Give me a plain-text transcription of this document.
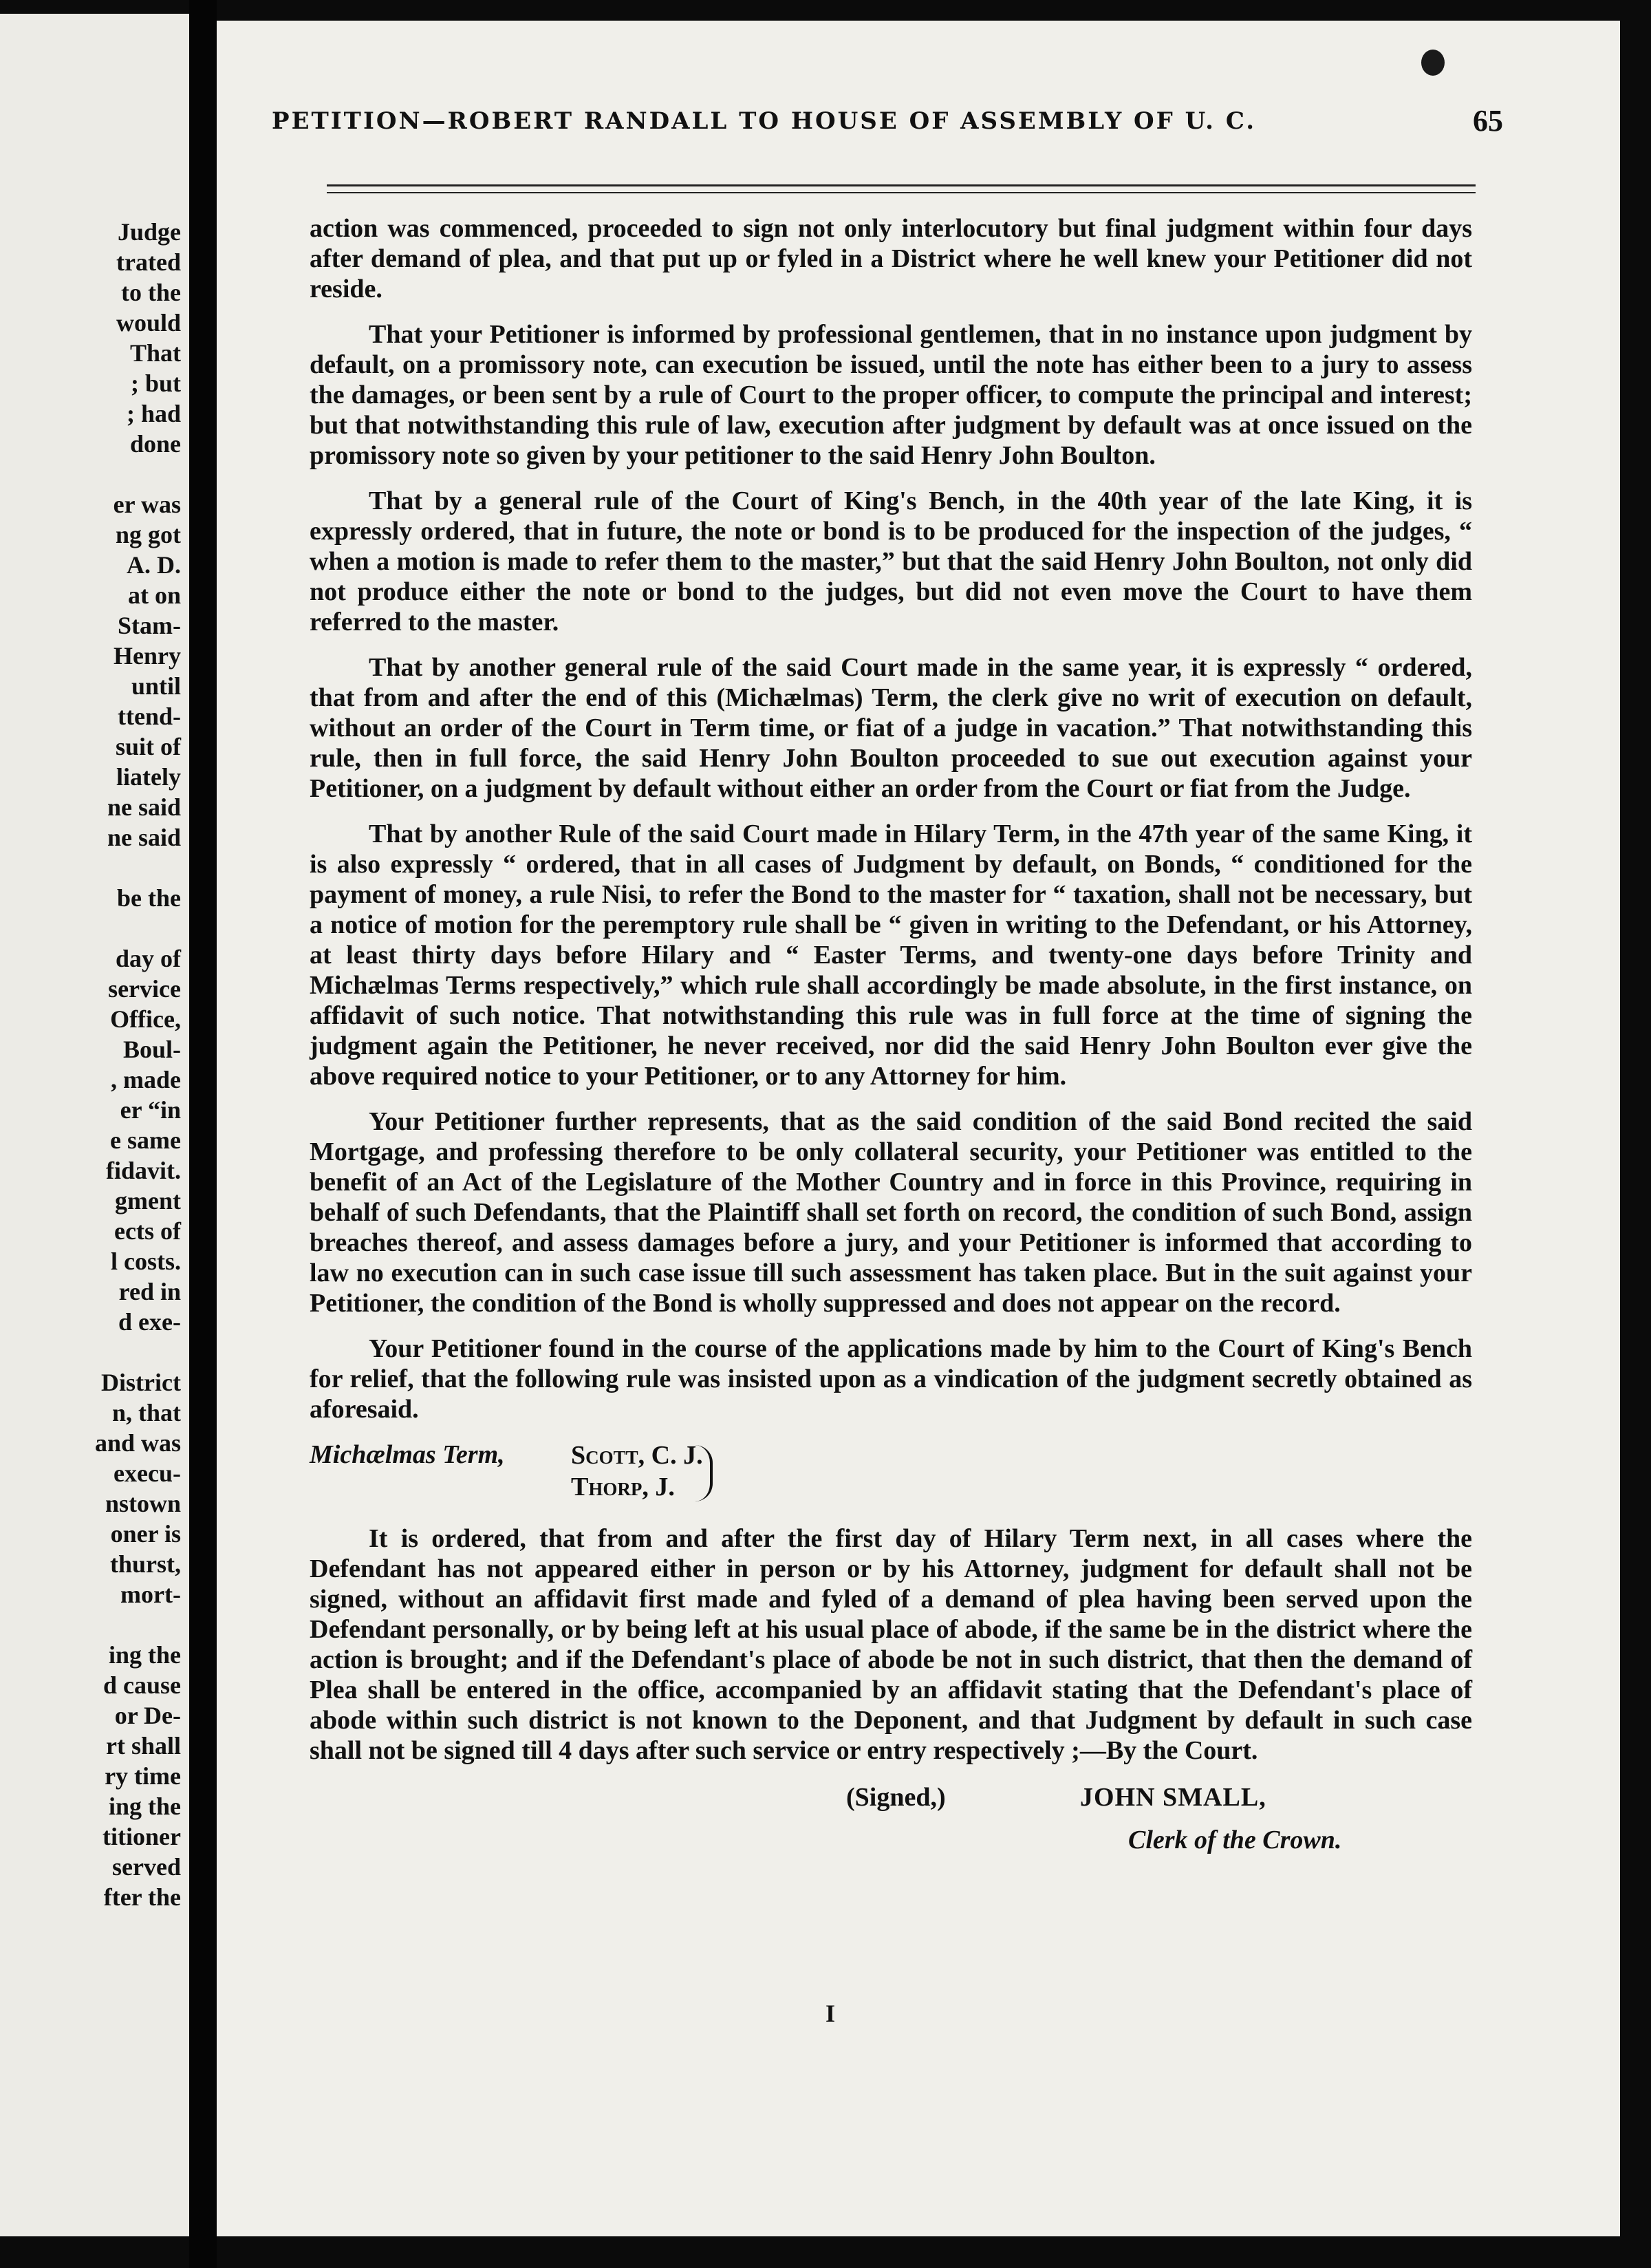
Judge
trated
to the
would
That
; but
; had
done
er was
ng got
A. D.
at on
Stam-
Henry
until
ttend-
suit of
liately
ne said
ne said
be the
day of
service
Office,
Boul-
, made
er “in
e same
fidavit.
gment
ects of
l costs.
red in
d exe-
District
n, that
and was
execu-
nstown
oner is
thurst,
mort-
ing the
d cause
or De-
rt shall
ry time
ing the
titioner
served
fter the
PETITION—ROBERT RANDALL TO HOUSE OF ASSEMBLY OF U. C.	65

action was commenced, proceeded to sign not only interlocutory but final judgment within four days after demand of plea, and that put up or fyled in a District where he well knew your Petitioner did not reside.

That your Petitioner is informed by professional gentlemen, that in no instance upon judgment by default, on a promissory note, can execution be issued, until the note has either been to a jury to assess the damages, or been sent by a rule of Court to the proper officer, to compute the principal and interest; but that notwithstanding this rule of law, execution after judgment by default was at once issued on the promissory note so given by your petitioner to the said Henry John Boulton.

That by a general rule of the Court of King's Bench, in the 40th year of the late King, it is expressly ordered, that in future, the note or bond is to be produced for the inspection of the judges, “ when a motion is made to refer them to the master,” but that the said Henry John Boulton, not only did not produce either the note or bond to the judges, but did not even move the Court to have them referred to the master.

That by another general rule of the said Court made in the same year, it is expressly “ ordered, that from and after the end of this (Michælmas) Term, the clerk give no writ of execution on default, without an order of the Court in Term time, or fiat of a judge in vacation.” That notwithstanding this rule, then in full force, the said Henry John Boulton proceeded to sue out execution against your Petitioner, on a judgment by default without either an order from the Court or fiat from the Judge.

That by another Rule of the said Court made in Hilary Term, in the 47th year of the same King, it is also expressly “ ordered, that in all cases of Judgment by default, on Bonds, “ conditioned for the payment of money, a rule Nisi, to refer the Bond to the master for “ taxation, shall not be necessary, but a notice of motion for the peremptory rule shall be “ given in writing to the Defendant, or his Attorney, at least thirty days before Hilary and “ Easter Terms, and twenty-one days before Trinity and Michælmas Terms respectively,” which rule shall accordingly be made absolute, in the first instance, on affidavit of such notice. That notwithstanding this rule was in full force at the time of signing the judgment again the Petitioner, he never received, nor did the said Henry John Boulton ever give the above required notice to your Petitioner, or to any Attorney for him.

Your Petitioner further represents, that as the said condition of the said Bond recited the said Mortgage, and professing therefore to be only collateral security, your Petitioner was entitled to the benefit of an Act of the Legislature of the Mother Country and in force in this Province, requiring in behalf of such Defendants, that the Plaintiff shall set forth on record, the condition of such Bond, assign breaches thereof, and assess damages before a jury, and your Petitioner is informed that according to law no execution can in such case issue till such assessment has taken place. But in the suit against your Petitioner, the condition of the Bond is wholly suppressed and does not appear on the record.

Your Petitioner found in the course of the applications made by him to the Court of King's Bench for relief, that the following rule was insisted upon as a vindication of the judgment secretly obtained as aforesaid.

Michælmas Term,	Scott, C. J.
Thorp, J.

It is ordered, that from and after the first day of Hilary Term next, in all cases where the Defendant has not appeared either in person or by his Attorney, judgment for default shall not be signed, without an affidavit first made and fyled of a demand of plea having been served upon the Defendant personally, or by being left at his usual place of abode, if the same be in the district where the action is brought; and if the Defendant's place of abode be not in such district, that then the demand of Plea shall be entered in the office, accompanied by an affidavit stating that the Defendant's place of abode within such district is not known to the Deponent, and that Judgment by default in such case shall not be signed till 4 days after such service or entry respectively ;—By the Court.

(Signed,)	JOHN SMALL,
Clerk of the Crown.
I
